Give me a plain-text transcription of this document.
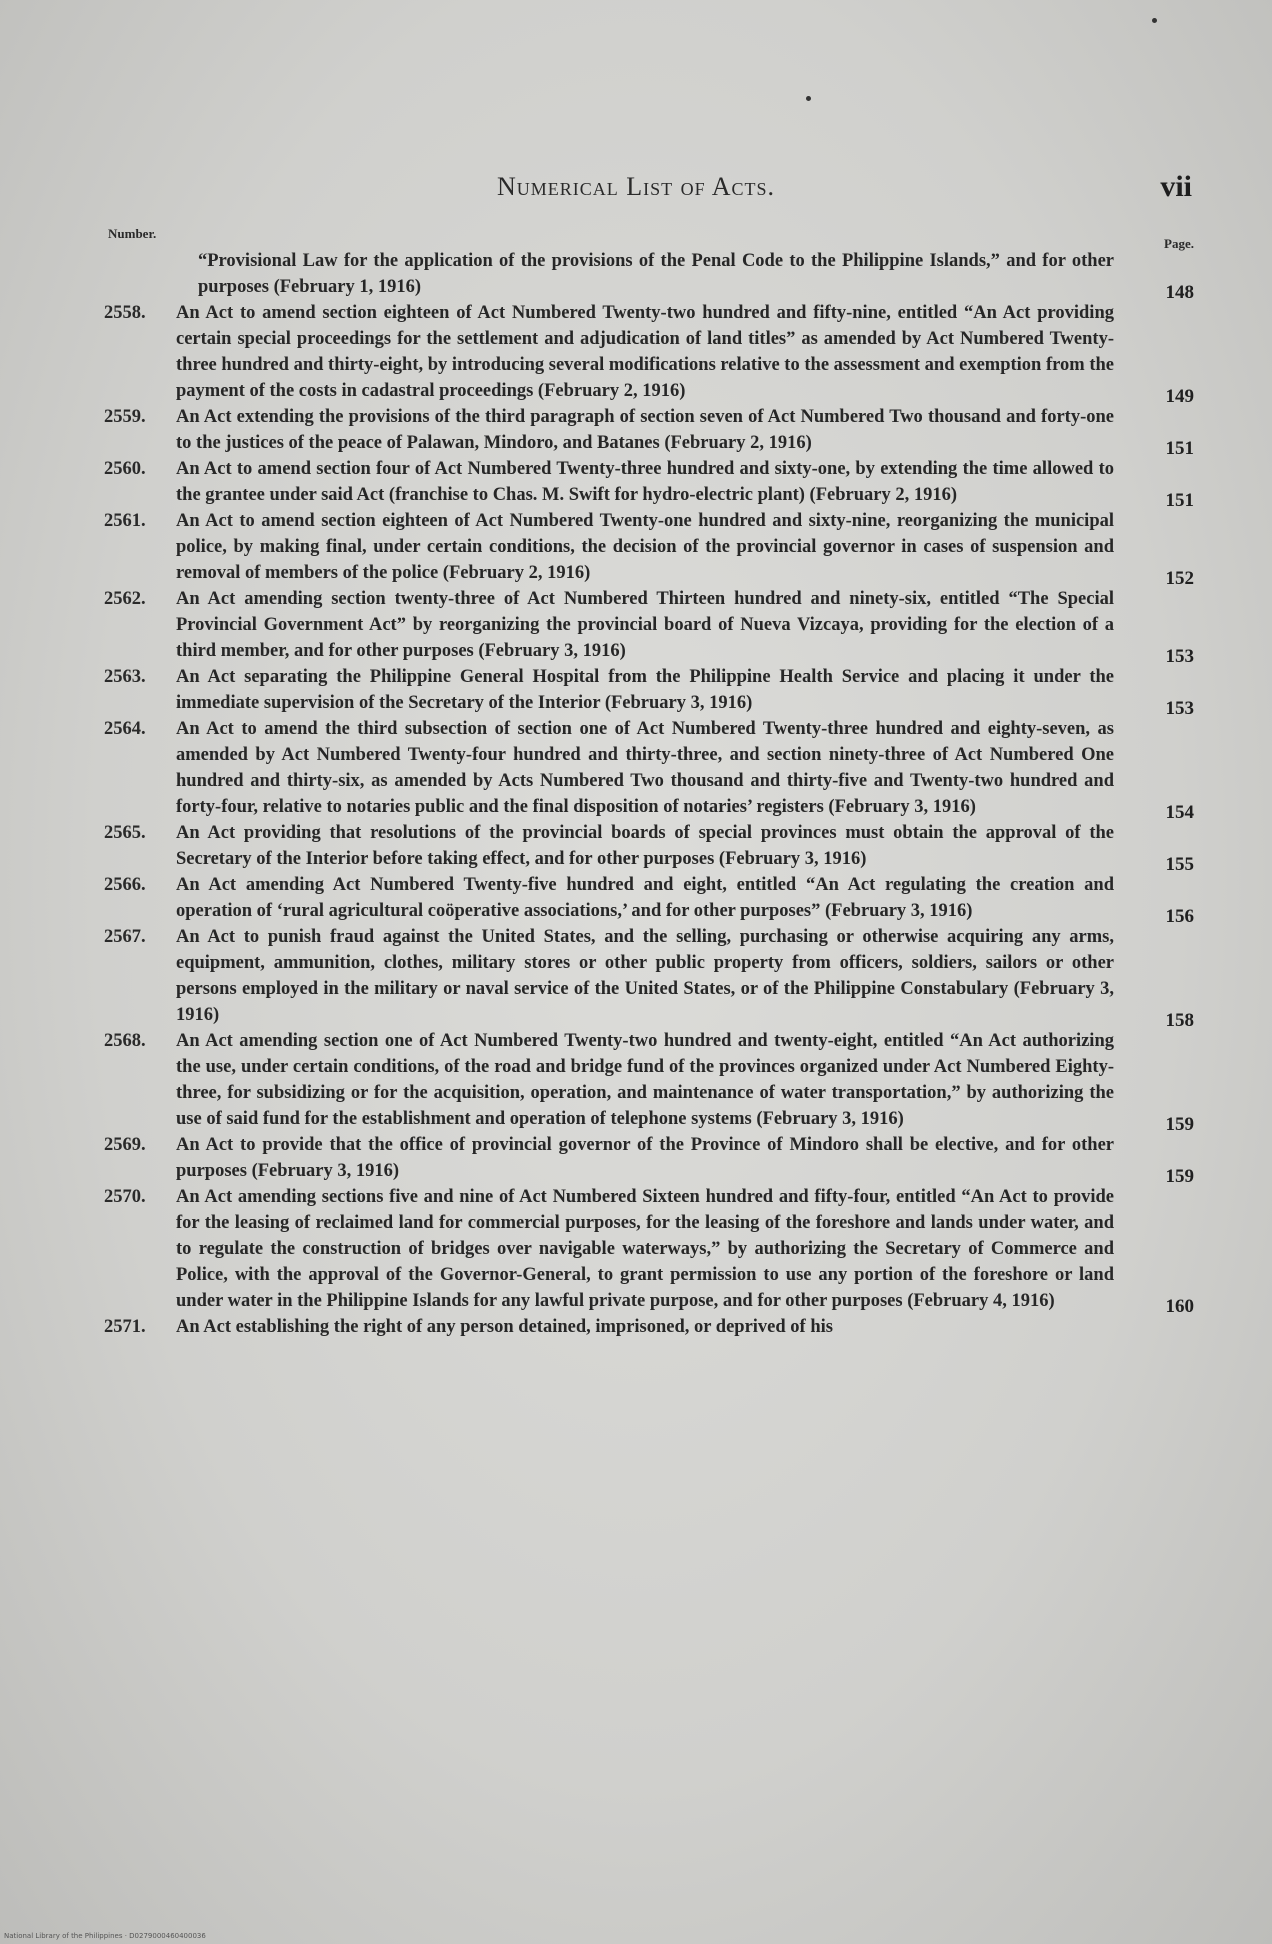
Numerical List of Acts.	vii
Number.
Page.
“Provisional Law for the application of the provisions of the Penal Code to the Philippine Islands,” and for other purposes (February 1, 1916)	148
2558.	An Act to amend section eighteen of Act Numbered Twenty-two hundred and fifty-nine, entitled “An Act providing certain special proceedings for the settlement and adjudication of land titles” as amended by Act Numbered Twenty-three hundred and thirty-eight, by introducing several modifications relative to the assessment and exemption from the payment of the costs in cadastral proceedings (February 2, 1916)	149
2559.	An Act extending the provisions of the third paragraph of section seven of Act Numbered Two thousand and forty-one to the justices of the peace of Palawan, Mindoro, and Batanes (February 2, 1916)	151
2560.	An Act to amend section four of Act Numbered Twenty-three hundred and sixty-one, by extending the time allowed to the grantee under said Act (franchise to Chas. M. Swift for hydro-electric plant) (February 2, 1916)	151
2561.	An Act to amend section eighteen of Act Numbered Twenty-one hundred and sixty-nine, reorganizing the municipal police, by making final, under certain conditions, the decision of the provincial governor in cases of suspension and removal of members of the police (February 2, 1916)	152
2562.	An Act amending section twenty-three of Act Numbered Thirteen hundred and ninety-six, entitled “The Special Provincial Government Act” by reorganizing the provincial board of Nueva Vizcaya, providing for the election of a third member, and for other purposes (February 3, 1916)	153
2563.	An Act separating the Philippine General Hospital from the Philippine Health Service and placing it under the immediate supervision of the Secretary of the Interior (February 3, 1916)	153
2564.	An Act to amend the third subsection of section one of Act Numbered Twenty-three hundred and eighty-seven, as amended by Act Numbered Twenty-four hundred and thirty-three, and section ninety-three of Act Numbered One hundred and thirty-six, as amended by Acts Numbered Two thousand and thirty-five and Twenty-two hundred and forty-four, relative to notaries public and the final disposition of notaries’ registers (February 3, 1916)	154
2565.	An Act providing that resolutions of the provincial boards of special provinces must obtain the approval of the Secretary of the Interior before taking effect, and for other purposes (February 3, 1916)	155
2566.	An Act amending Act Numbered Twenty-five hundred and eight, entitled “An Act regulating the creation and operation of ‘rural agricultural coöperative associations,’ and for other purposes” (February 3, 1916)	156
2567.	An Act to punish fraud against the United States, and the selling, purchasing or otherwise acquiring any arms, equipment, ammunition, clothes, military stores or other public property from officers, soldiers, sailors or other persons employed in the military or naval service of the United States, or of the Philippine Constabulary (February 3, 1916)	158
2568.	An Act amending section one of Act Numbered Twenty-two hundred and twenty-eight, entitled “An Act authorizing the use, under certain conditions, of the road and bridge fund of the provinces organized under Act Numbered Eighty-three, for subsidizing or for the acquisition, operation, and maintenance of water transportation,” by authorizing the use of said fund for the establishment and operation of telephone systems (February 3, 1916)	159
2569.	An Act to provide that the office of provincial governor of the Province of Mindoro shall be elective, and for other purposes (February 3, 1916)	159
2570.	An Act amending sections five and nine of Act Numbered Sixteen hundred and fifty-four, entitled “An Act to provide for the leasing of reclaimed land for commercial purposes, for the leasing of the foreshore and lands under water, and to regulate the construction of bridges over navigable waterways,” by authorizing the Secretary of Commerce and Police, with the approval of the Governor-General, to grant permission to use any portion of the foreshore or land under water in the Philippine Islands for any lawful private purpose, and for other purposes (February 4, 1916)	160
2571.	An Act establishing the right of any person detained, imprisoned, or deprived of his
National Library of the Philippines · D0279000460400036
